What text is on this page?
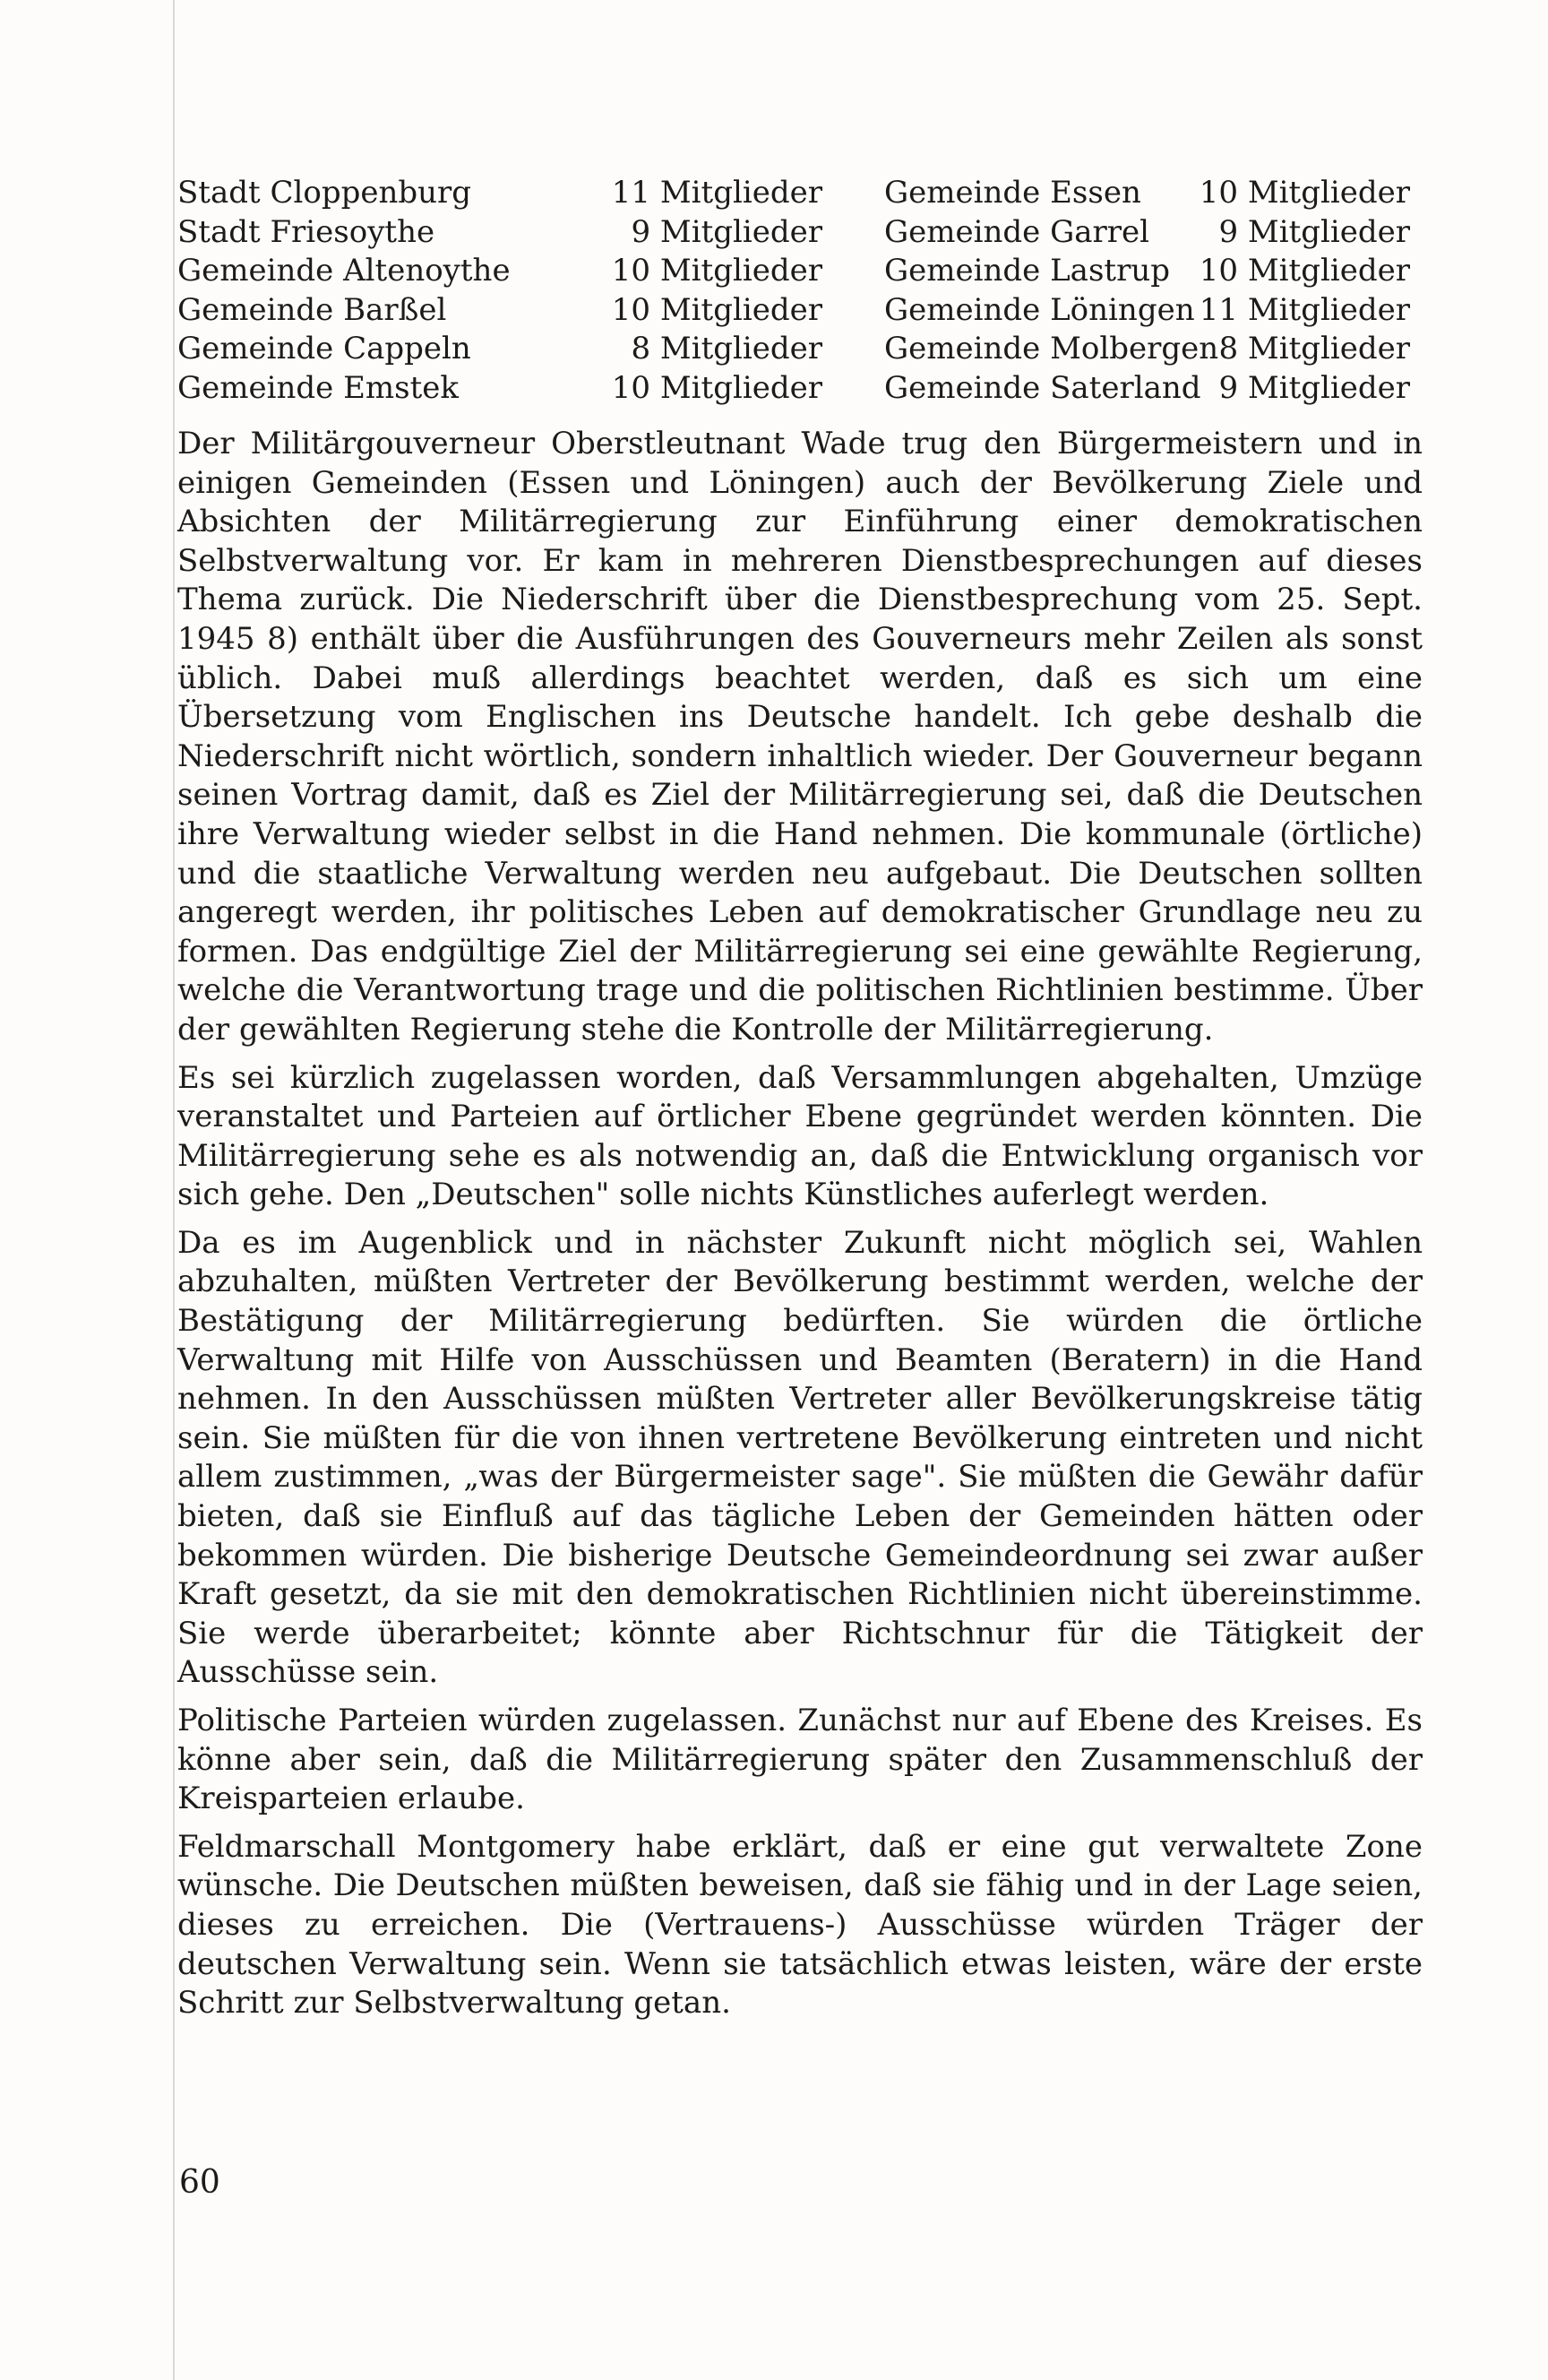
Stadt Cloppenburg	11 Mitglieder	Gemeinde Essen	10 Mitglieder
Stadt Friesoythe	9 Mitglieder	Gemeinde Garrel	9 Mitglieder
Gemeinde Altenoythe	10 Mitglieder	Gemeinde Lastrup	10 Mitglieder
Gemeinde Barßel	10 Mitglieder	Gemeinde Löningen	11 Mitglieder
Gemeinde Cappeln	8 Mitglieder	Gemeinde Molbergen	8 Mitglieder
Gemeinde Emstek	10 Mitglieder	Gemeinde Saterland	9 Mitglieder

Der Militärgouverneur Oberstleutnant Wade trug den Bürgermeistern und in einigen Gemeinden (Essen und Löningen) auch der Bevölkerung Ziele und Absichten der Militärregierung zur Einführung einer demokratischen Selbstverwaltung vor. Er kam in mehreren Dienstbesprechungen auf dieses Thema zurück. Die Niederschrift über die Dienstbesprechung vom 25. Sept. 1945 8) enthält über die Ausführungen des Gouverneurs mehr Zeilen als sonst üblich. Dabei muß allerdings beachtet werden, daß es sich um eine Übersetzung vom Englischen ins Deutsche handelt. Ich gebe deshalb die Niederschrift nicht wörtlich, sondern inhaltlich wieder. Der Gouverneur begann seinen Vortrag damit, daß es Ziel der Militärregierung sei, daß die Deutschen ihre Verwaltung wieder selbst in die Hand nehmen. Die kommunale (örtliche) und die staatliche Verwaltung werden neu aufgebaut. Die Deutschen sollten angeregt werden, ihr politisches Leben auf demokratischer Grundlage neu zu formen. Das endgültige Ziel der Militärregierung sei eine gewählte Regierung, welche die Verantwortung trage und die politischen Richtlinien bestimme. Über der gewählten Regierung stehe die Kontrolle der Militärregierung.

Es sei kürzlich zugelassen worden, daß Versammlungen abgehalten, Umzüge veranstaltet und Parteien auf örtlicher Ebene gegründet werden könnten. Die Militärregierung sehe es als notwendig an, daß die Entwicklung organisch vor sich gehe. Den „Deutschen" solle nichts Künstliches auferlegt werden.

Da es im Augenblick und in nächster Zukunft nicht möglich sei, Wahlen abzuhalten, müßten Vertreter der Bevölkerung bestimmt werden, welche der Bestätigung der Militärregierung bedürften. Sie würden die örtliche Verwaltung mit Hilfe von Ausschüssen und Beamten (Beratern) in die Hand nehmen. In den Ausschüssen müßten Vertreter aller Bevölkerungskreise tätig sein. Sie müßten für die von ihnen vertretene Bevölkerung eintreten und nicht allem zustimmen, „was der Bürgermeister sage". Sie müßten die Gewähr dafür bieten, daß sie Einfluß auf das tägliche Leben der Gemeinden hätten oder bekommen würden. Die bisherige Deutsche Gemeindeordnung sei zwar außer Kraft gesetzt, da sie mit den demokratischen Richtlinien nicht übereinstimme. Sie werde überarbeitet; könnte aber Richtschnur für die Tätigkeit der Ausschüsse sein.

Politische Parteien würden zugelassen. Zunächst nur auf Ebene des Kreises. Es könne aber sein, daß die Militärregierung später den Zusammenschluß der Kreisparteien erlaube.

Feldmarschall Montgomery habe erklärt, daß er eine gut verwaltete Zone wünsche. Die Deutschen müßten beweisen, daß sie fähig und in der Lage seien, dieses zu erreichen. Die (Vertrauens-) Ausschüsse würden Träger der deutschen Verwaltung sein. Wenn sie tatsächlich etwas leisten, wäre der erste Schritt zur Selbstverwaltung getan.

60
